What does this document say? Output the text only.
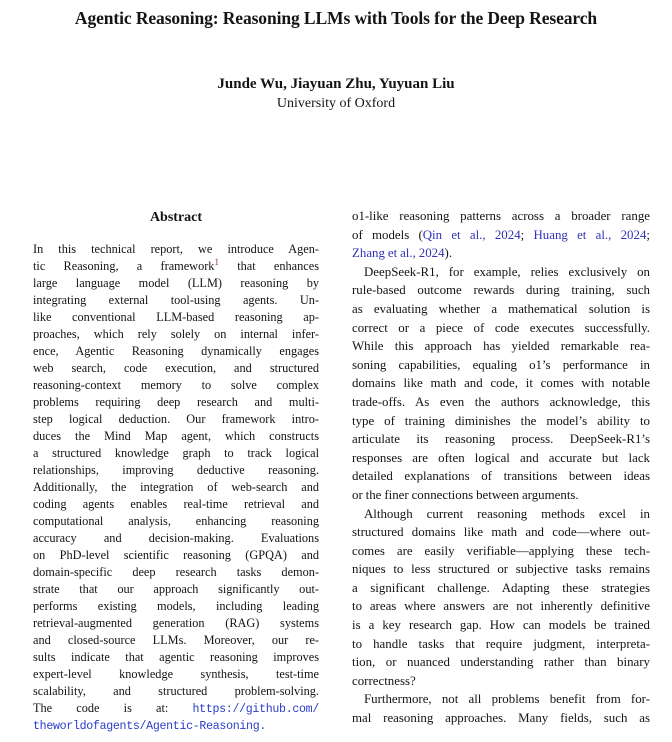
Agentic Reasoning: Reasoning LLMs with Tools for the Deep Research
Junde Wu, Jiayuan Zhu, Yuyuan Liu
University of Oxford
Abstract
In this technical report, we introduce Agen-
tic Reasoning, a framework$^1$ that enhances
large language model (LLM) reasoning by
integrating external tool-using agents. Un-
like conventional LLM-based reasoning ap-
proaches, which rely solely on internal infer-
ence, Agentic Reasoning dynamically engages
web search, code execution, and structured
reasoning-context memory to solve complex
problems requiring deep research and multi-
step logical deduction. Our framework intro-
duces the Mind Map agent, which constructs
a structured knowledge graph to track logical
relationships, improving deductive reasoning.
Additionally, the integration of web-search and
coding agents enables real-time retrieval and
computational analysis, enhancing reasoning
accuracy and decision-making. Evaluations
on PhD-level scientific reasoning (GPQA) and
domain-specific deep research tasks demon-
strate that our approach significantly out-
performs existing models, including leading
retrieval-augmented generation (RAG) systems
and closed-source LLMs. Moreover, our re-
sults indicate that agentic reasoning improves
expert-level knowledge synthesis, test-time
scalability, and structured problem-solving.
The code is at: https://github.com/
theworldofagents/Agentic-Reasoning.
o1-like reasoning patterns across a broader range
of models (Qin et al., 2024; Huang et al., 2024;
Zhang et al., 2024).
DeepSeek-R1, for example, relies exclusively on
rule-based outcome rewards during training, such
as evaluating whether a mathematical solution is
correct or a piece of code executes successfully.
While this approach has yielded remarkable rea-
soning capabilities, equaling o1’s performance in
domains like math and code, it comes with notable
trade-offs. As even the authors acknowledge, this
type of training diminishes the model’s ability to
articulate its reasoning process. DeepSeek-R1’s
responses are often logical and accurate but lack
detailed explanations of transitions between ideas
or the finer connections between arguments.
Although current reasoning methods excel in
structured domains like math and code—where out-
comes are easily verifiable—applying these tech-
niques to less structured or subjective tasks remains
a significant challenge. Adapting these strategies
to areas where answers are not inherently definitive
is a key research gap. How can models be trained
to handle tasks that require judgment, interpreta-
tion, or nuanced understanding rather than binary
correctness?
Furthermore, not all problems benefit from for-
mal reasoning approaches. Many fields, such as
